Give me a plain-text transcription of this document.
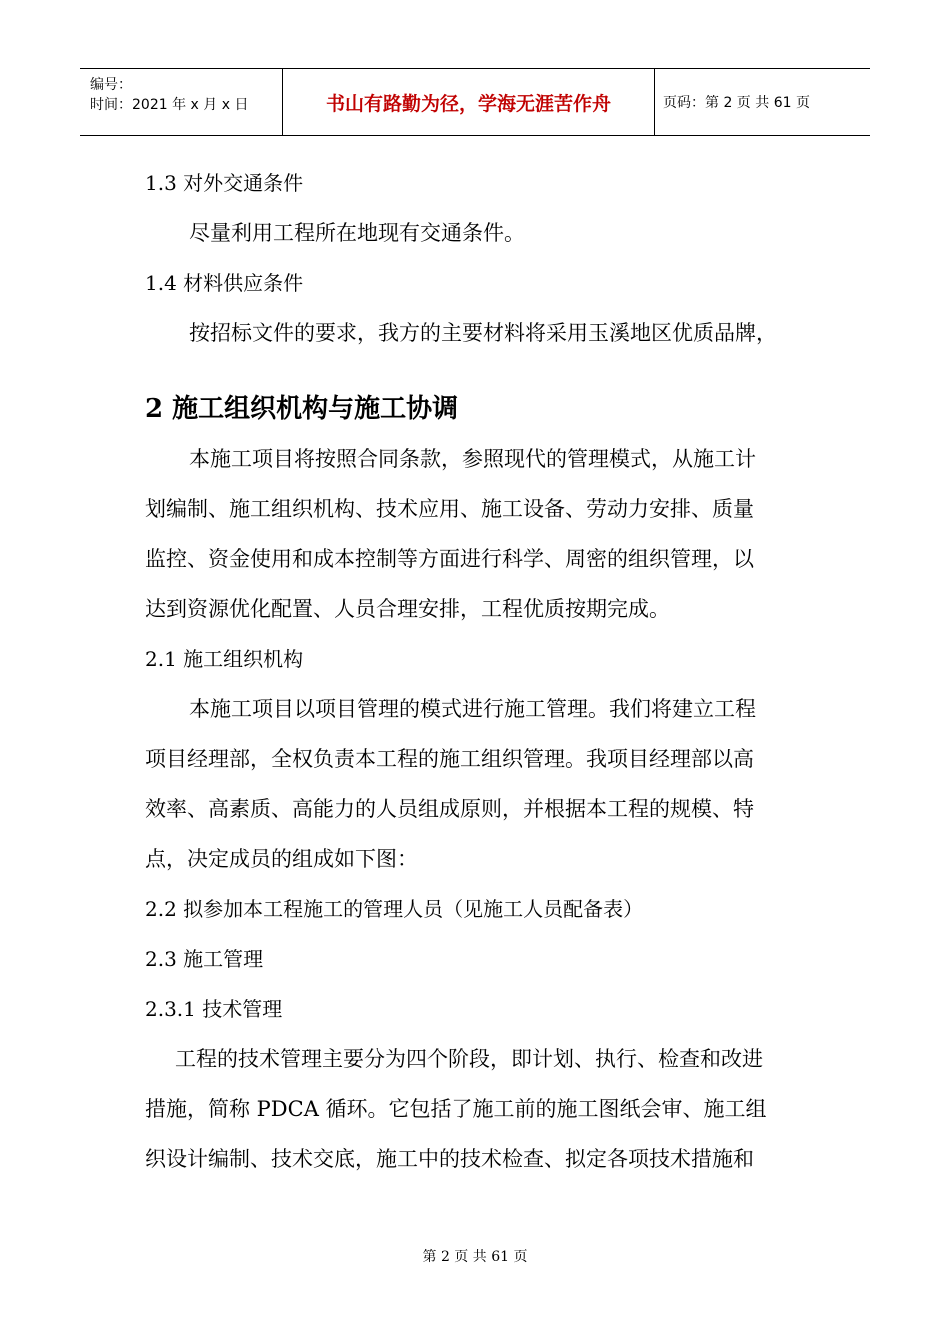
编号：
时间：2021 年 x 月 x 日	书山有路勤为径，学海无涯苦作舟	页码：第 2 页 共 61 页
1.3 对外交通条件
尽量利用工程所在地现有交通条件。
1.4 材料供应条件
按招标文件的要求，我方的主要材料将采用玉溪地区优质品牌，
2 施工组织机构与施工协调
本施工项目将按照合同条款，参照现代的管理模式，从施工计
划编制、施工组织机构、技术应用、施工设备、劳动力安排、质量
监控、资金使用和成本控制等方面进行科学、周密的组织管理，以
达到资源优化配置、人员合理安排，工程优质按期完成。
2.1 施工组织机构
本施工项目以项目管理的模式进行施工管理。我们将建立工程
项目经理部，全权负责本工程的施工组织管理。我项目经理部以高
效率、高素质、高能力的人员组成原则，并根据本工程的规模、特
点，决定成员的组成如下图：
2.2 拟参加本工程施工的管理人员（见施工人员配备表）
2.3 施工管理
2.3.1 技术管理
工程的技术管理主要分为四个阶段，即计划、执行、检查和改进
措施，简称 PDCA 循环。它包括了施工前的施工图纸会审、施工组
织设计编制、技术交底，施工中的技术检查、拟定各项技术措施和
第 2 页 共 61 页
